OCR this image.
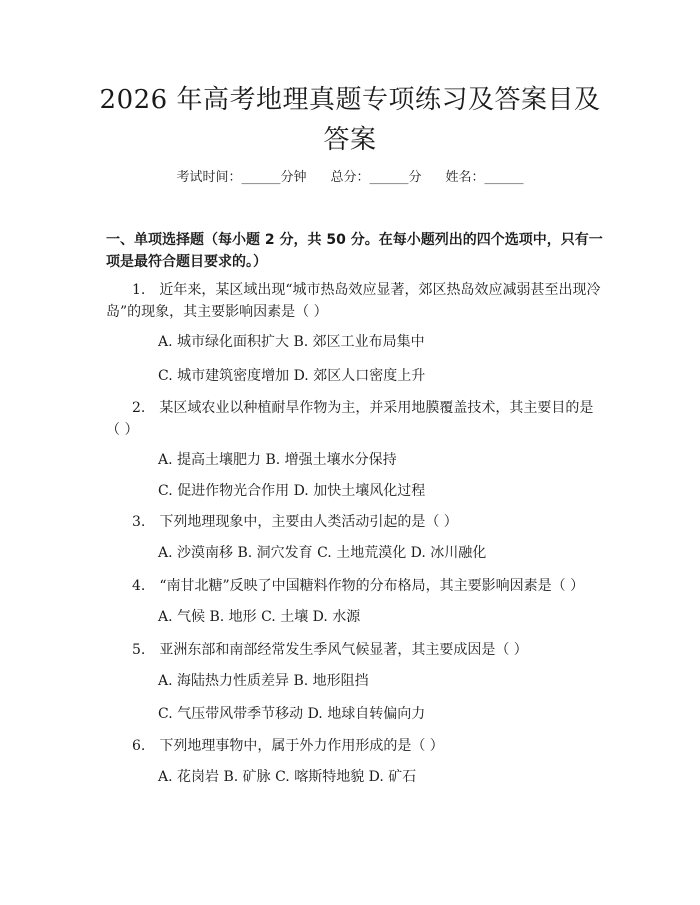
2026 年高考地理真题专项练习及答案目及答案
考试时间：______分钟 总分：______分 姓名：______
一、单项选择题（每小题 2 分，共 50 分。在每小题列出的四个选项中，只有一项是最符合题目要求的。）
1.　近年来，某区域出现“城市热岛效应显著，郊区热岛效应减弱甚至出现冷岛”的现象，其主要影响因素是（ ）
A. 城市绿化面积扩大 B. 郊区工业布局集中
C. 城市建筑密度增加 D. 郊区人口密度上升
2.　某区域农业以种植耐旱作物为主，并采用地膜覆盖技术，其主要目的是（ ）
A. 提高土壤肥力 B. 增强土壤水分保持
C. 促进作物光合作用 D. 加快土壤风化过程
3.　下列地理现象中，主要由人类活动引起的是（ ）
A. 沙漠南移 B. 洞穴发育 C. 土地荒漠化 D. 冰川融化
4.　“南甘北糖”反映了中国糖料作物的分布格局，其主要影响因素是（ ）
A. 气候 B. 地形 C. 土壤 D. 水源
5.　亚洲东部和南部经常发生季风气候显著，其主要成因是（ ）
A. 海陆热力性质差异 B. 地形阻挡
C. 气压带风带季节移动 D. 地球自转偏向力
6.　下列地理事物中，属于外力作用形成的是（ ）
A. 花岗岩 B. 矿脉 C. 喀斯特地貌 D. 矿石
